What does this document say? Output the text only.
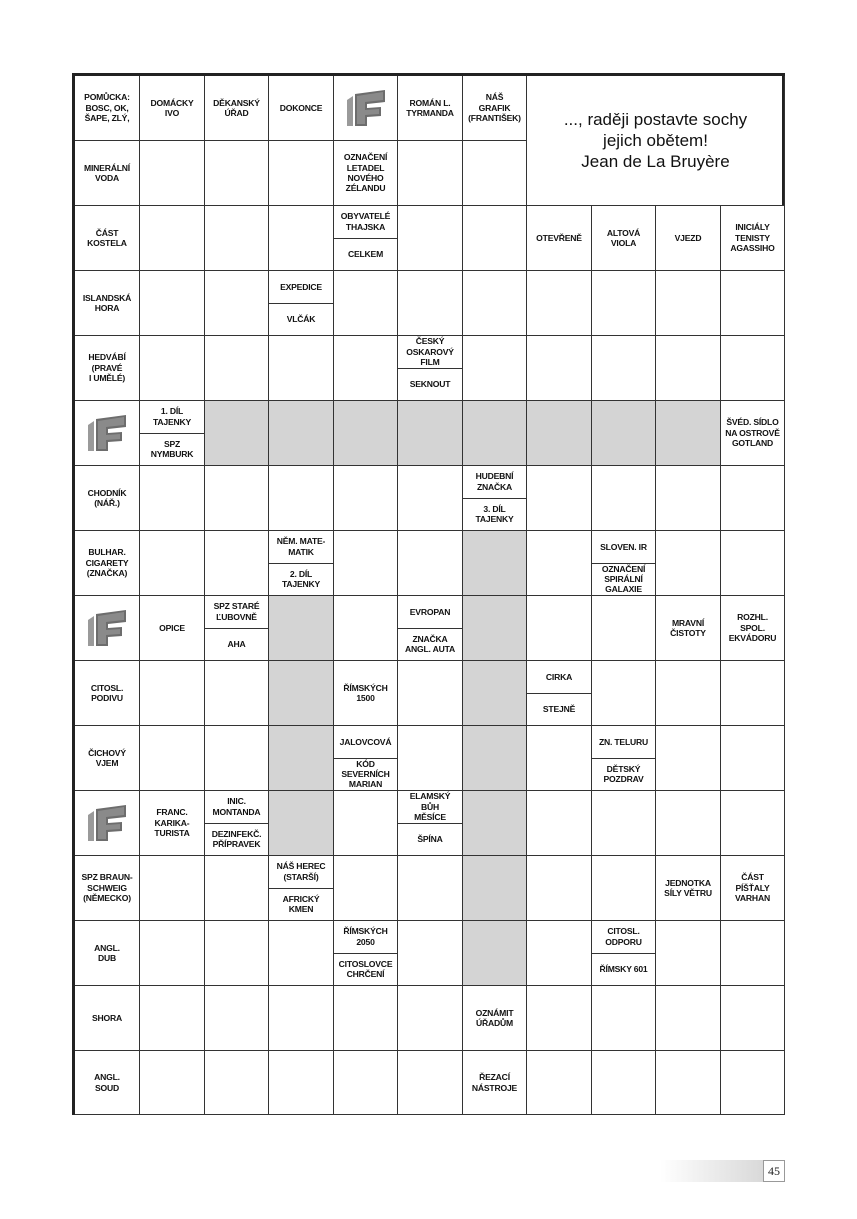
POMŮCKA:
BOSC, OK,
ŠAPE, ZLÝ,
DOMÁCKY
IVO
DĚKANSKÝ
ÚŘAD
DOKONCE
ROMÁN L.
TYRMANDA
NÁŠ
GRAFIK
(FRANTIŠEK)	..., raději postavte sochy
jejich obětem!
Jean de La Bruyère
MINERÁLNÍ
VODA
OZNAČENÍ
LETADEL
NOVÉHO
ZÉLANDU
ČÁST
KOSTELA
OBYVATELÉ
THAJSKA
CELKEM
OTEVŘENĚ
ALTOVÁ
VIOLA
VJEZD
INICIÁLY
TENISTY
AGASSIHO
ISLANDSKÁ
HORA
EXPEDICE
VLČÁK
HEDVÁBÍ
(PRAVÉ
I UMĚLÉ)
ČESKÝ
OSKAROVÝ
FILM
SEKNOUT
1. DÍL
TAJENKY
SPZ
NYMBURK
ŠVÉD. SÍDLO
NA OSTROVĚ
GOTLAND
CHODNÍK
(NÁŘ.)
HUDEBNÍ
ZNAČKA
3. DÍL
TAJENKY
BULHAR.
CIGARETY
(ZNAČKA)
NĚM. MATE-
MATIK
2. DÍL
TAJENKY
SLOVEN. IR
OZNAČENÍ
SPIRÁLNÍ
GALAXIE
OPICE
SPZ STARÉ
ĽUBOVNĚ
AHA
EVROPAN
ZNAČKA
ANGL. AUTA
MRAVNÍ
ČISTOTY
ROZHL.
SPOL.
EKVÁDORU
CITOSL.
PODIVU
ŘÍMSKÝCH
1500
CIRKA
STEJNĚ
ČICHOVÝ
VJEM
JALOVCOVÁ
KÓD
SEVERNÍCH
MARIAN
ZN. TELURU
DĚTSKÝ
POZDRAV
FRANC.
KARIKA-
TURISTA
INIC.
MONTANDA
DEZINFEKČ.
PŘÍPRAVEK
ELAMSKÝ
BŮH
MĚSÍCE
ŠPÍNA
SPZ BRAUN-
SCHWEIG
(NĚMECKO)
NÁŠ HEREC
(STARŠÍ)
AFRICKÝ
KMEN
JEDNOTKA
SÍLY VĚTRU
ČÁST
PÍŠŤALY
VARHAN
ANGL.
DUB
ŘÍMSKÝCH
2050
CITOSLOVCE
CHRČENÍ
CITOSL.
ODPORU
ŘÍMSKY 601
SHORA
OZNÁMIT
ÚŘADŮM
ANGL.
SOUD
ŘEZACÍ
NÁSTROJE
45
